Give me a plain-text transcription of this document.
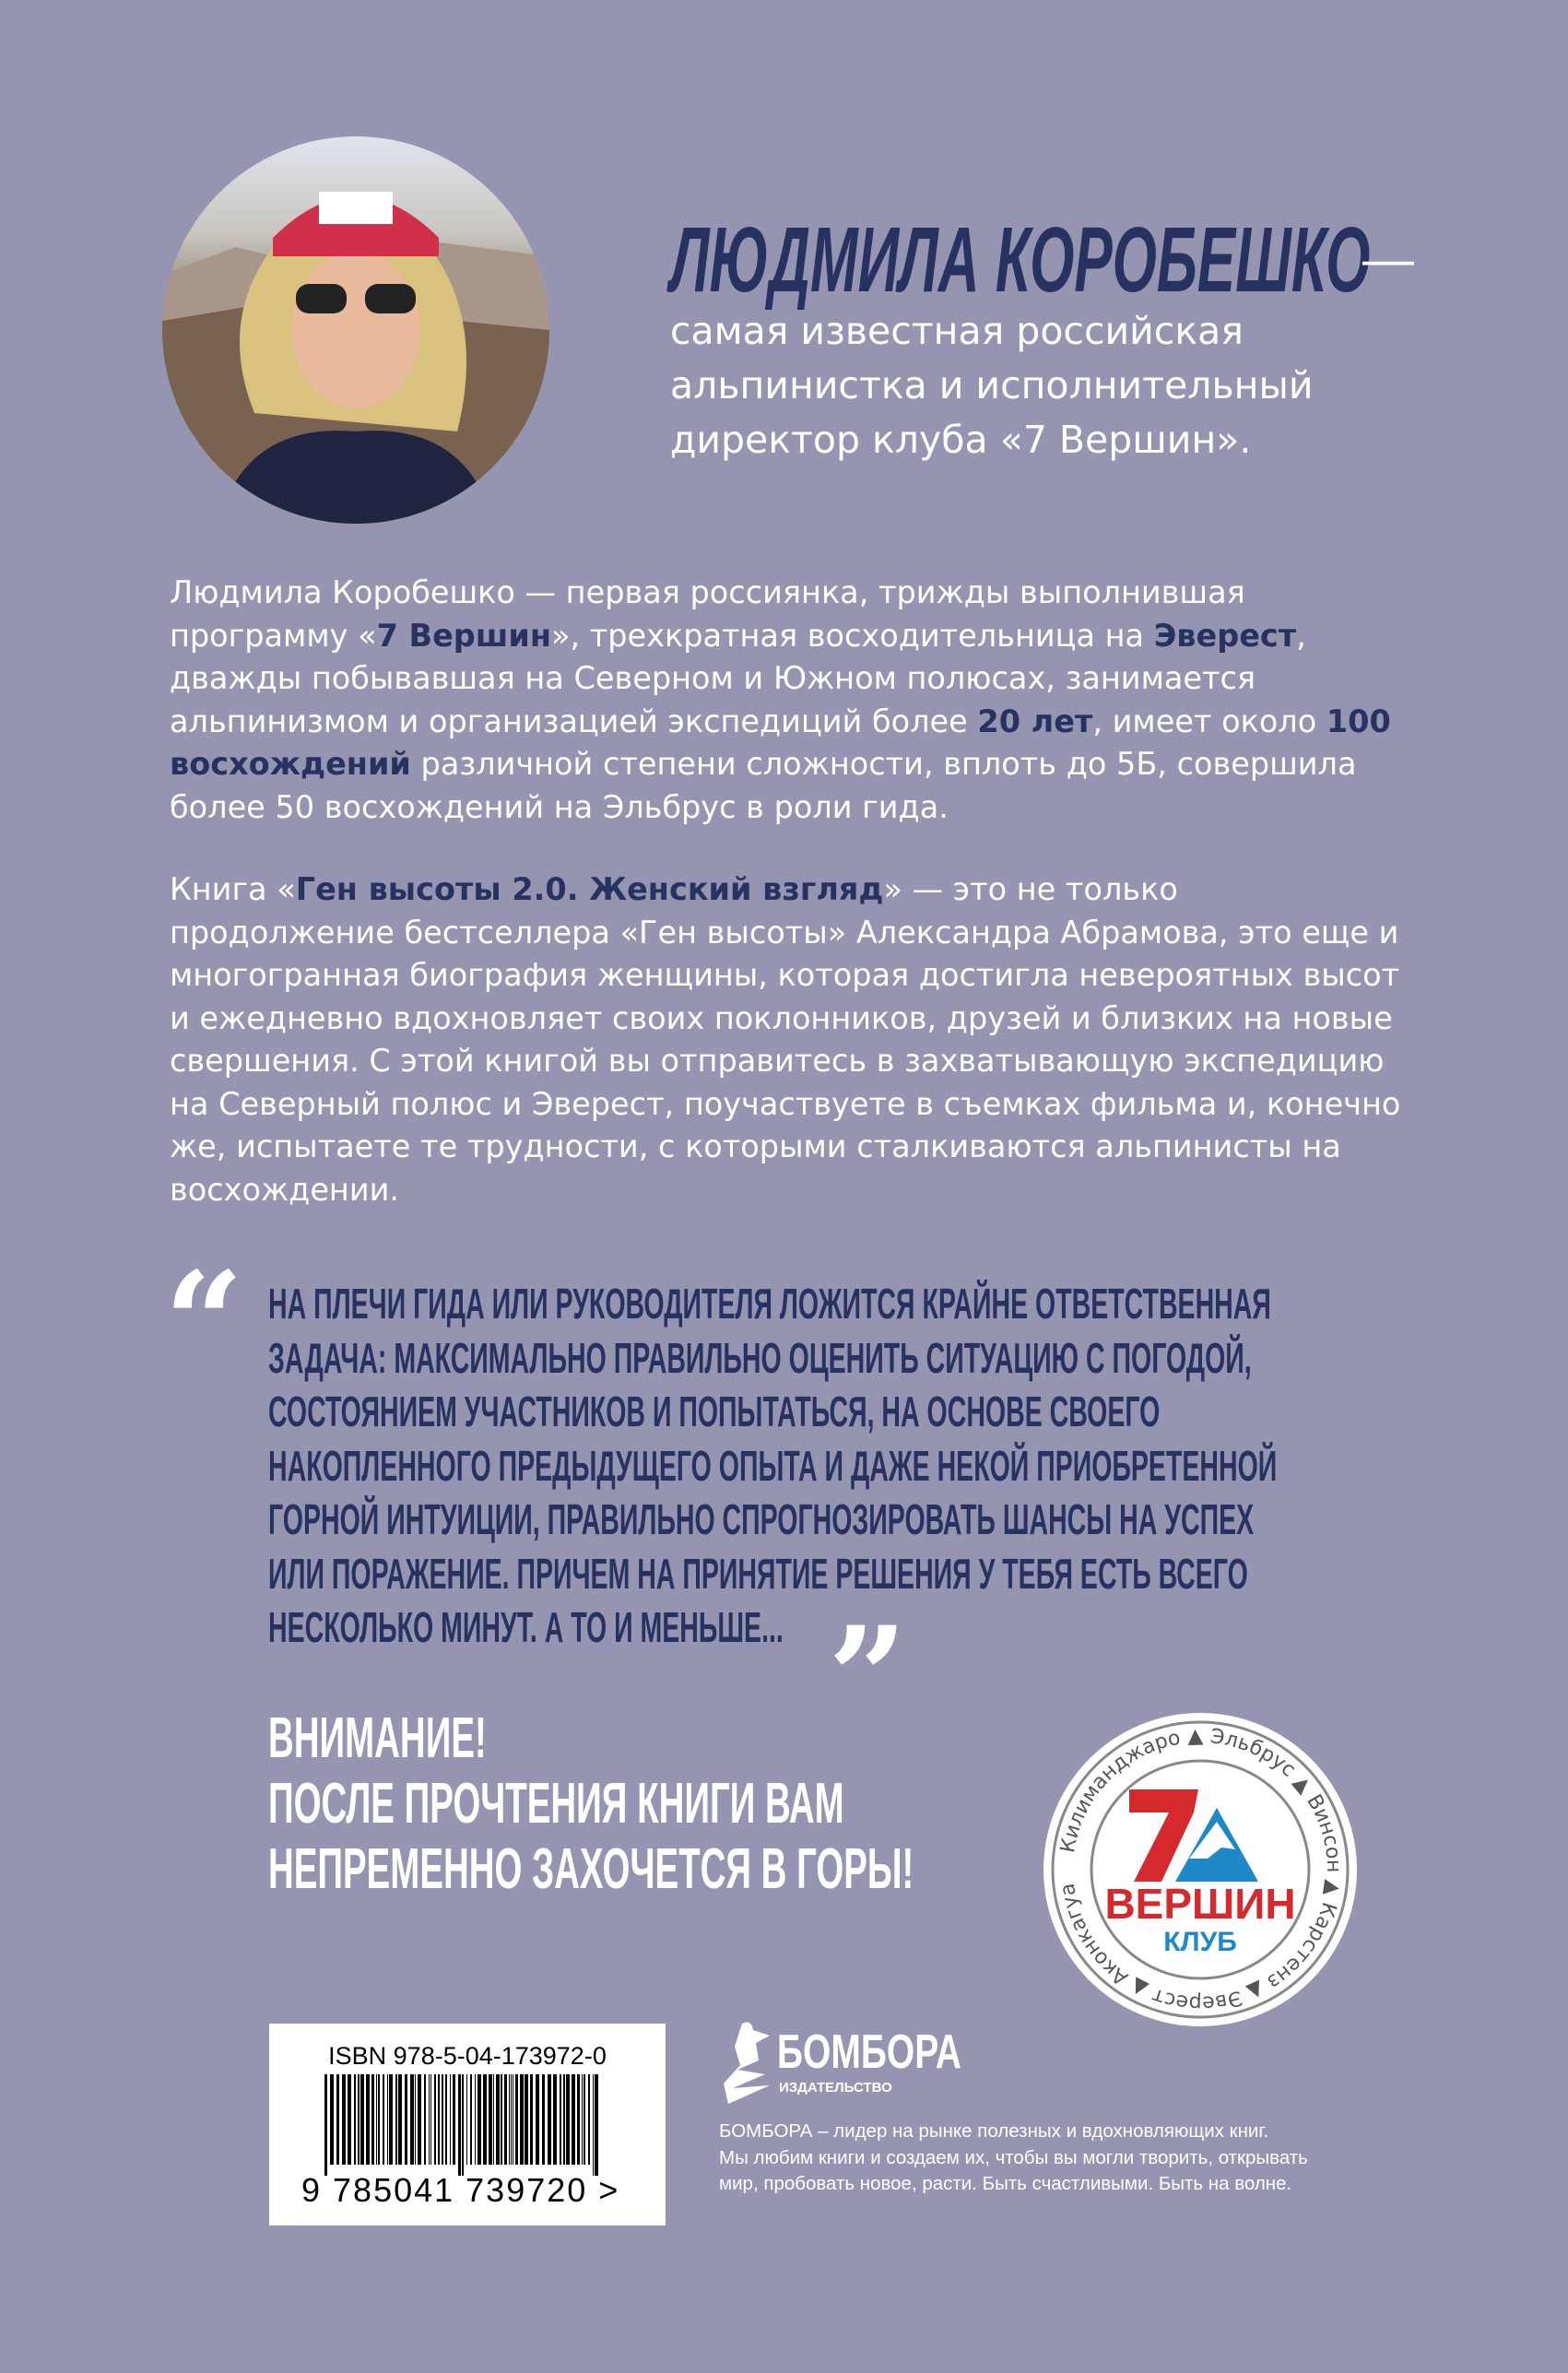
ЛЮДМИЛА КОРОБЕШКО
—
самая известная российская
альпинистка и исполнительный
директор клуба «7 Вершин».
Людмила Коробешко — первая россиянка, трижды выполнившая программу «7 Вершин», трехкратная восходительница на Эверест, дважды побывавшая на Северном и Южном полюсах, занимается альпинизмом и организацией экспедиций более 20 лет, имеет около 100 восхождений различной степени сложности, вплоть до 5Б, совершила более 50 восхождений на Эльбрус в роли гида.
Книга «Ген высоты 2.0. Женский взгляд» — это не только продолжение бестселлера «Ген высоты» Александра Абрамова, это еще и многогранная биография женщины, которая достигла невероятных высот и ежедневно вдохновляет своих поклонников, друзей и близких на новые свершения. С этой книгой вы отправитесь в захватывающую экспедицию на Северный полюс и Эверест, поучаствуете в съемках фильма и, конечно же, испытаете те трудности, с которыми сталкиваются альпинисты на восхождении.
“ НА ПЛЕЧИ ГИДА ИЛИ РУКОВОДИТЕЛЯ ЛОЖИТСЯ КРАЙНЕ ОТВЕТСТВЕННАЯ
ЗАДАЧА: МАКСИМАЛЬНО ПРАВИЛЬНО ОЦЕНИТЬ СИТУАЦИЮ С ПОГОДОЙ,
СОСТОЯНИЕМ УЧАСТНИКОВ И ПОПЫТАТЬСЯ, НА ОСНОВЕ СВОЕГО
НАКОПЛЕННОГО ПРЕДЫДУЩЕГО ОПЫТА И ДАЖЕ НЕКОЙ ПРИОБРЕТЕННОЙ
ГОРНОЙ ИНТУИЦИИ, ПРАВИЛЬНО СПРОГНОЗИРОВАТЬ ШАНСЫ НА УСПЕХ
ИЛИ ПОРАЖЕНИЕ. ПРИЧЕМ НА ПРИНЯТИЕ РЕШЕНИЯ У ТЕБЯ ЕСТЬ ВСЕГО
НЕСКОЛЬКО МИНУТ. А ТО И МЕНЬШЕ... ”
ВНИМАНИЕ!
ПОСЛЕ ПРОЧТЕНИЯ КНИГИ ВАМ
НЕПРЕМЕННО ЗАХОЧЕТСЯ В ГОРЫ!	Килиманджаро ▲ Эльбрус ▲ Винсон ▲ Карстенз ▲ Эверест ▲ Аконкагуа ВЕРШИН
КЛУБ
ISBN 978-5-04-173972-0
9 785041 739720 >
БОМБОРА
ИЗДАТЕЛЬСТВО
БОМБОРА – лидер на рынке полезных и вдохновляющих книг.
Мы любим книги и создаем их, чтобы вы могли творить, открывать
мир, пробовать новое, расти. Быть счастливыми. Быть на волне.
